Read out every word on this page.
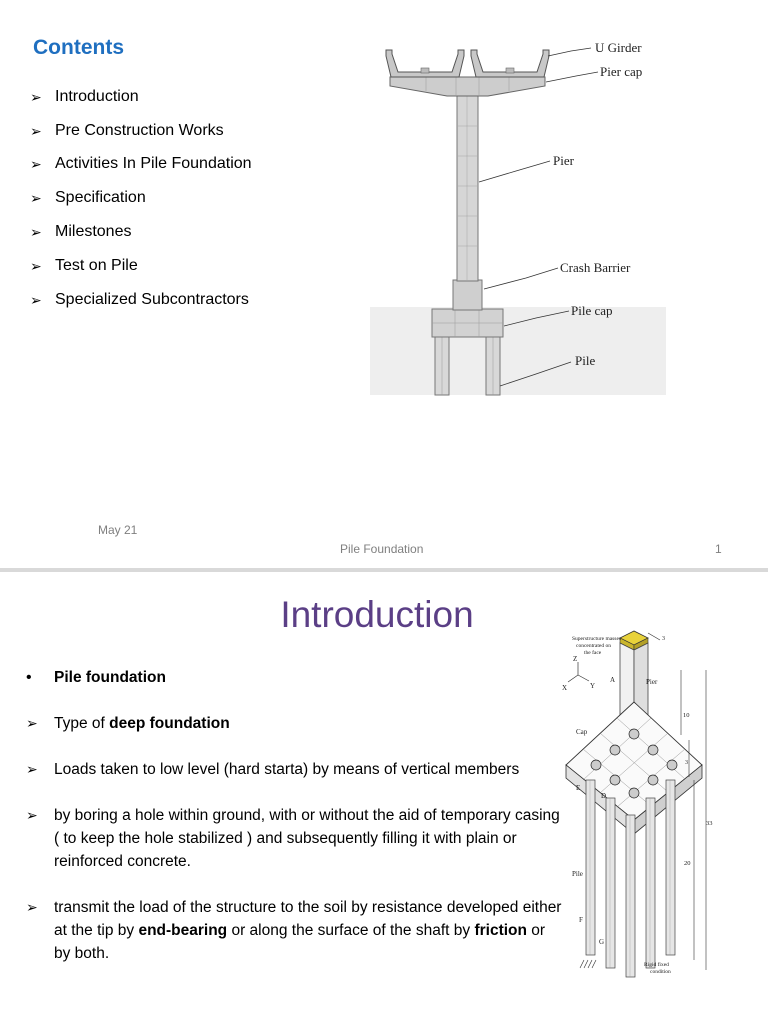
Contents
➢ Introduction
➢ Pre Construction Works
➢ Activities In Pile Foundation
➢ Specification
➢ Milestones
➢ Test on Pile
➢ Specialized Subcontractors
U Girder
Pier cap
Pier
Crash Barrier
Pile cap
Pile
May 21
Pile Foundation	1
Introduction
•	Pile foundation
➢	Type of deep foundation
➢	Loads taken to low level (hard starta) by means of vertical members
➢	by boring a hole within ground, with or without the aid of temporary casing ( to keep the hole stabilized ) and subsequently filling it with plain or reinforced concrete.
➢	transmit the load of the structure to the soil by resistance developed either at the tip by end-bearing or along the surface of the shaft by friction or by both.
Superstructure masses
concentrated on
the face
3
Z
X	Y
A	Pier
Cap
10
3
E
D
33
20
Pile
F
G
Rigid fixed
condition
